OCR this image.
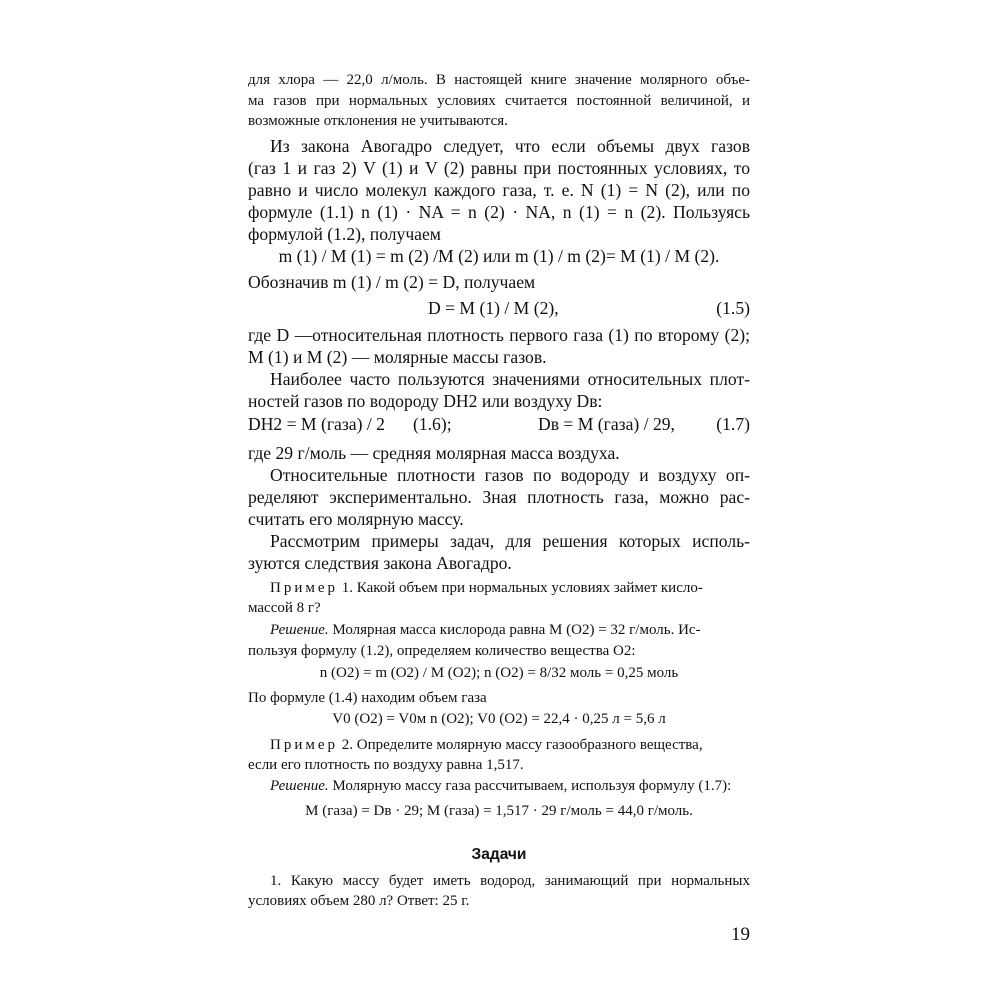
для хлора — 22,0 л/моль. В настоящей книге значение молярного объе-
ма газов при нормальных условиях считается постоянной величиной, и
возможные отклонения не учитываются.
Из закона Авогадро следует, что если объемы двух газов
(газ 1 и газ 2) V (1) и V (2) равны при постоянных условиях, то
равно и число молекул каждого газа, т. е. N (1) = N (2), или по
формуле (1.1) n (1) · NA = n (2) · NA, n (1) = n (2). Пользуясь
формулой (1.2), получаем
m (1) / M (1) = m (2) /M (2) или m (1) / m (2)= M (1) / M (2).
Обозначив m (1) / m (2) = D, получаем
D = M (1) / M (2),	(1.5)
где D —относительная плотность первого газа (1) по второму (2);
M (1) и M (2) — молярные массы газов.
Наиболее часто пользуются значениями относительных плот-
ностей газов по водороду DH2 или воздуху Dв:
DH2 = M (газа) / 2 (1.6);	Dв = M (газа) / 29, (1.7)
где 29 г/моль — средняя молярная масса воздуха.
Относительные плотности газов по водороду и воздуху оп-
ределяют экспериментально. Зная плотность газа, можно рас-
считать его молярную массу.
Рассмотрим примеры задач, для решения которых исполь-
зуются следствия закона Авогадро.
Пример 1. Какой объем при нормальных условиях займет кисло-
массой 8 г?
Решение. Молярная масса кислорода равна M (O2) = 32 г/моль. Ис-
пользуя формулу (1.2), определяем количество вещества O2:
n (O2) = m (O2) / M (O2); n (O2) = 8/32 моль = 0,25 моль
По формуле (1.4) находим объем газа
V0 (O2) = V0м n (O2); V0 (O2) = 22,4 · 0,25 л = 5,6 л
Пример 2. Определите молярную массу газообразного вещества,
если его плотность по воздуху равна 1,517.
Решение. Молярную массу газа рассчитываем, используя формулу (1.7):
M (газа) = Dв · 29; M (газа) = 1,517 · 29 г/моль = 44,0 г/моль.
Задачи
1. Какую массу будет иметь водород, занимающий при нормальных
условиях объем 280 л? Ответ: 25 г.
19
